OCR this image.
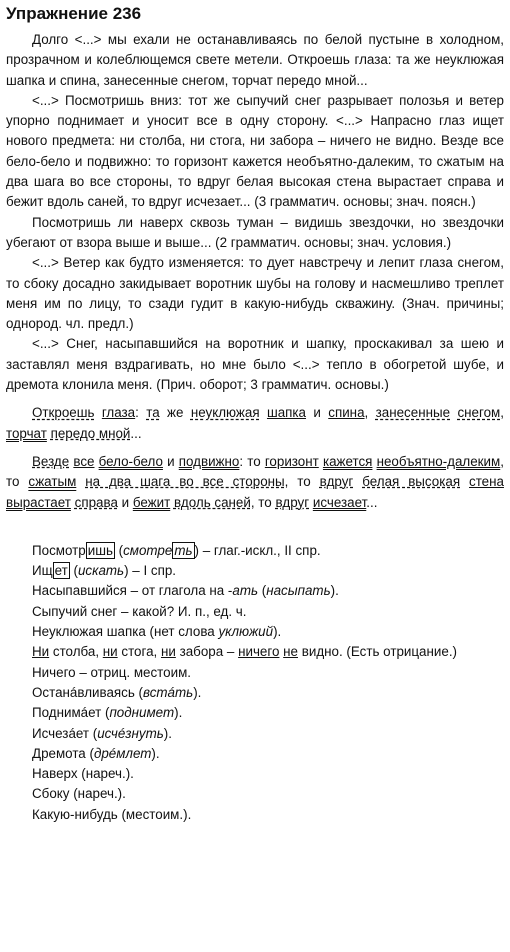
Упражнение 236

Долго <...> мы ехали не останавливаясь по белой пустыне в холодном, прозрачном и колеблющемся свете метели. Откроешь глаза: та же неуклюжая шапка и спина, занесенные снегом, торчат передо мной...

<...> Посмотришь вниз: тот же сыпучий снег разрывает полозья и ветер упорно поднимает и уносит все в одну сторону. <...> Напрасно глаз ищет нового предмета: ни столба, ни стога, ни забора – ничего не видно. Везде все бело-бело и подвижно: то горизонт кажется необъятно-далеким, то сжатым на два шага во все стороны, то вдруг белая высокая стена вырастает справа и бежит вдоль саней, то вдруг исчезает... (3 грамматич. основы; знач. поясн.)

Посмотришь ли наверх сквозь туман – видишь звездочки, но звездочки убегают от взора выше и выше... (2 грамматич. основы; знач. условия.)

<...> Ветер как будто изменяется: то дует навстречу и лепит глаза снегом, то сбоку досадно закидывает воротник шубы на голову и насмешливо треплет меня им по лицу, то сзади гудит в какую-нибудь скважину. (Знач. причины; однород. чл. предл.)

<...> Снег, насыпавшийся на воротник и шапку, проскакивал за шею и заставлял меня вздрагивать, но мне было <...> тепло в обогретой шубе, и дремота клонила меня. (Прич. оборот; 3 грамматич. основы.)

Откроешь глаза: та же неуклюжая шапка и спина, занесенные снегом, торчат передо мной...

Везде все бело-бело и подвижно: то горизонт кажется необъятно-далеким, то сжатым на два шага во все стороны, то вдруг белая высокая стена вырастает справа и бежит вдоль саней, то вдруг исчезает...

Посмотр ишь (смотре ть ) – глаг.-искл., II спр.

Ищ ет (искать) – I спр.

Насыпавшийся – от глагола на -ать (насыпать).

Сыпучий снег – какой? И. п., ед. ч.

Неуклюжая шапка (нет слова уклюжий).

Ни столба, ни стога, ни забора – ничего не видно. (Есть отрицание.)

Ничего – отриц. местоим.

Останáвливаясь (встáть).

Поднимáет (поднимет).

Исчезáет (исчéзнуть).

Дремота (дрéмлет).

Наверх (нареч.).

Сбоку (нареч.).

Какую-нибудь (местоим.).
